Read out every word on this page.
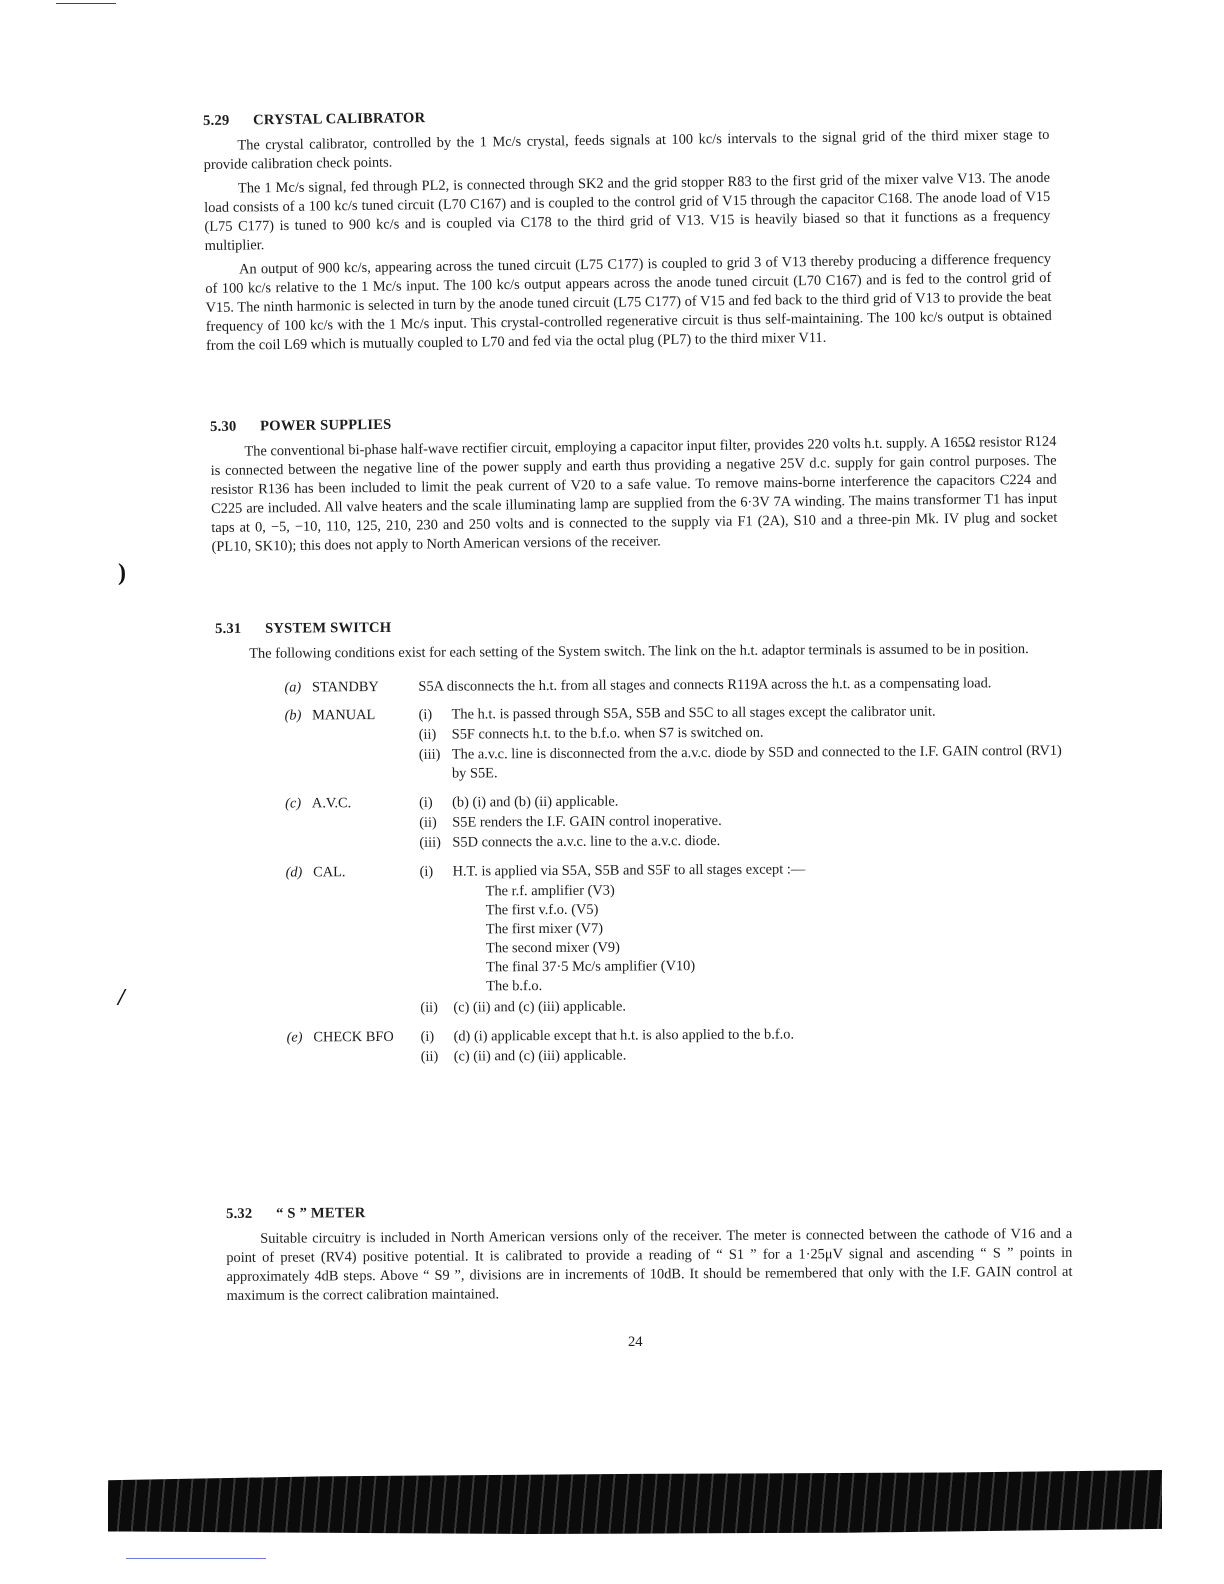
)
/
5.29 CRYSTAL CALIBRATOR

The crystal calibrator, controlled by the 1 Mc/s crystal, feeds signals at 100 kc/s intervals to the signal grid of the third mixer stage to provide calibration check points.

The 1 Mc/s signal, fed through PL2, is connected through SK2 and the grid stopper R83 to the first grid of the mixer valve V13. The anode load consists of a 100 kc/s tuned circuit (L70 C167) and is coupled to the control grid of V15 through the capacitor C168. The anode load of V15 (L75 C177) is tuned to 900 kc/s and is coupled via C178 to the third grid of V13. V15 is heavily biased so that it functions as a frequency multiplier.

An output of 900 kc/s, appearing across the tuned circuit (L75 C177) is coupled to grid 3 of V13 thereby producing a difference frequency of 100 kc/s relative to the 1 Mc/s input. The 100 kc/s output appears across the anode tuned circuit (L70 C167) and is fed to the control grid of V15. The ninth harmonic is selected in turn by the anode tuned circuit (L75 C177) of V15 and fed back to the third grid of V13 to provide the beat frequency of 100 kc/s with the 1 Mc/s input. This crystal-controlled regenerative circuit is thus self-maintaining. The 100 kc/s output is obtained from the coil L69 which is mutually coupled to L70 and fed via the octal plug (PL7) to the third mixer V11.

5.30 POWER SUPPLIES

The conventional bi-phase half-wave rectifier circuit, employing a capacitor input filter, provides 220 volts h.t. supply. A 165Ω resistor R124 is connected between the negative line of the power supply and earth thus providing a negative 25V d.c. supply for gain control purposes. The resistor R136 has been included to limit the peak current of V20 to a safe value. To remove mains-borne interference the capacitors C224 and C225 are included. All valve heaters and the scale illuminating lamp are supplied from the 6·3V 7A winding. The mains transformer T1 has input taps at 0, −5, −10, 110, 125, 210, 230 and 250 volts and is connected to the supply via F1 (2A), S10 and a three-pin Mk. IV plug and socket (PL10, SK10); this does not apply to North American versions of the receiver.

5.31 SYSTEM SWITCH

The following conditions exist for each setting of the System switch. The link on the h.t. adaptor terminals is assumed to be in position.

(a) STANDBY	S5A disconnects the h.t. from all stages and connects R119A across the h.t. as a compensating load.
(b) MANUAL	(i)	The h.t. is passed through S5A, S5B and S5C to all stages except the calibrator unit.
(ii)	S5F connects h.t. to the b.f.o. when S7 is switched on.
(iii) The a.v.c. line is disconnected from the a.v.c. diode by S5D and connected to the I.F. GAIN control (RV1) by S5E.
(c) A.V.C.	(i)	(b) (i) and (b) (ii) applicable.
(ii)	S5E renders the I.F. GAIN control inoperative.
(iii) S5D connects the a.v.c. line to the a.v.c. diode.
(d) CAL.	(i)	H.T. is applied via S5A, S5B and S5F to all stages except :—
The r.f. amplifier (V3)
The first v.f.o. (V5)
The first mixer (V7)
The second mixer (V9)
The final 37·5 Mc/s amplifier (V10)
The b.f.o.
(ii)	(c) (ii) and (c) (iii) applicable.
(e) CHECK BFO	(i)	(d) (i) applicable except that h.t. is also applied to the b.f.o.
(ii)	(c) (ii) and (c) (iii) applicable.
5.32 “ S ” METER

Suitable circuitry is included in North American versions only of the receiver. The meter is connected between the cathode of V16 and a point of preset (RV4) positive potential. It is calibrated to provide a reading of “ S1 ” for a 1·25μV signal and ascending “ S ” points in approximately 4dB steps. Above “ S9 ”, divisions are in increments of 10dB. It should be remembered that only with the I.F. GAIN control at maximum is the correct calibration maintained.

24
